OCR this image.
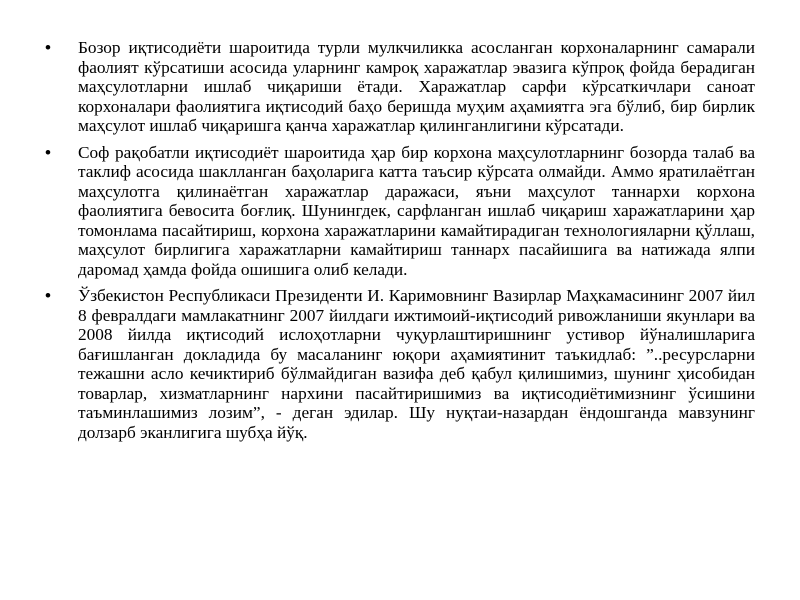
•	Бозор иқтисодиёти шароитида турли мулкчиликка асосланган корхоналарнинг самарали фаолият кўрсатиши асосида уларнинг камроқ харажатлар эвазига кўпроқ фойда берадиган маҳсулотларни ишлаб чиқариши ётади. Харажатлар сарфи кўрсаткичлари саноат корхоналари фаолиятига иқтисодий баҳо беришда муҳим аҳамиятга эга бўлиб, бир бирлик маҳсулот ишлаб чиқаришга қанча харажатлар қилинганлигини кўрсатади.
•	Соф рақобатли иқтисодиёт шароитида ҳар бир корхона маҳсулотларнинг бозорда талаб ва таклиф асосида шаклланган баҳоларига катта таъсир кўрсата олмайди. Аммо яратилаётган маҳсулотга қилинаётган харажатлар даражаси, яъни маҳсулот таннархи корхона фаолиятига бевосита боғлиқ. Шунингдек, сарфланган ишлаб чиқариш харажатларини ҳар томонлама пасайтириш, корхона харажатларини камайтирадиган технологияларни қўллаш, маҳсулот бирлигига харажатларни камайтириш таннарх пасайишига ва натижада ялпи даромад ҳамда фойда ошишига олиб келади.
•	Ўзбекистон Республикаси Президенти И. Каримовнинг Вазирлар Маҳкамасининг 2007 йил 8 февралдаги мамлакатнинг 2007 йилдаги ижтимоий-иқтисодий ривожланиши якунлари ва 2008 йилда иқтисодий ислоҳотларни чуқурлаштиришнинг устивор йўналишларига бағишланган докладида бу масаланинг юқори аҳамиятинит таъкидлаб: ”..ресурсларни тежашни асло кечиктириб бўлмайдиган вазифа деб қабул қилишимиз, шунинг ҳисобидан товарлар, хизматларнинг нархини пасайтиришимиз ва иқтисодиётимизнинг ўсишини таъминлашимиз лозим”, - деган эдилар. Шу нуқтаи-назардан ёндошганда мавзунинг долзарб эканлигига шубҳа йўқ.
